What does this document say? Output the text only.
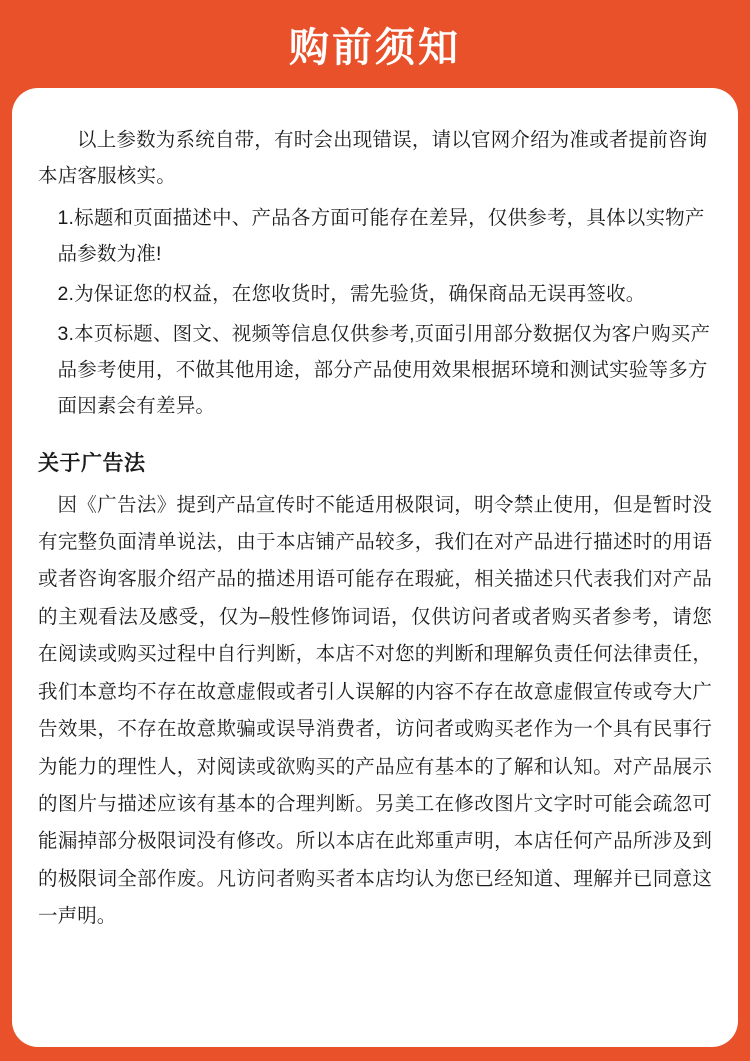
购前须知

以上参数为系统自带，有时会出现错误，请以官网介绍为准或者提前咨询本店客服核实。

1.标题和页面描述中、产品各方面可能存在差异，仅供参考，具体以实物产品参数为准!
2.为保证您的权益，在您收货时，需先验货，确保商品无误再签收。
3.本页标题、图文、视频等信息仅供参考,页面引用部分数据仅为客户购买产品参考使用，不做其他用途，部分产品使用效果根据环境和测试实验等多方面因素会有差异。
关于广告法

因《广告法》提到产品宣传时不能适用极限词，明令禁止使用，但是暂时没有完整负面清单说法，由于本店铺产品较多，我们在对产品进行描述时的用语或者咨询客服介绍产品的描述用语可能存在瑕疵，相关描述只代表我们对产品的主观看法及感受，仅为–般性修饰词语，仅供访问者或者购买者参考，请您在阅读或购买过程中自行判断，本店不对您的判断和理解负责任何法律责任，我们本意均不存在故意虚假或者引人误解的内容不存在故意虚假宣传或夸大广告效果，不存在故意欺骗或误导消费者，访问者或购买老作为一个具有民事行为能力的理性人，对阅读或欲购买的产品应有基本的了解和认知。对产品展示的图片与描述应该有基本的合理判断。另美工在修改图片文字时可能会疏忽可能漏掉部分极限词没有修改。所以本店在此郑重声明，本店任何产品所涉及到的极限词全部作废。凡访问者购买者本店均认为您已经知道、理解并已同意这一声明。
